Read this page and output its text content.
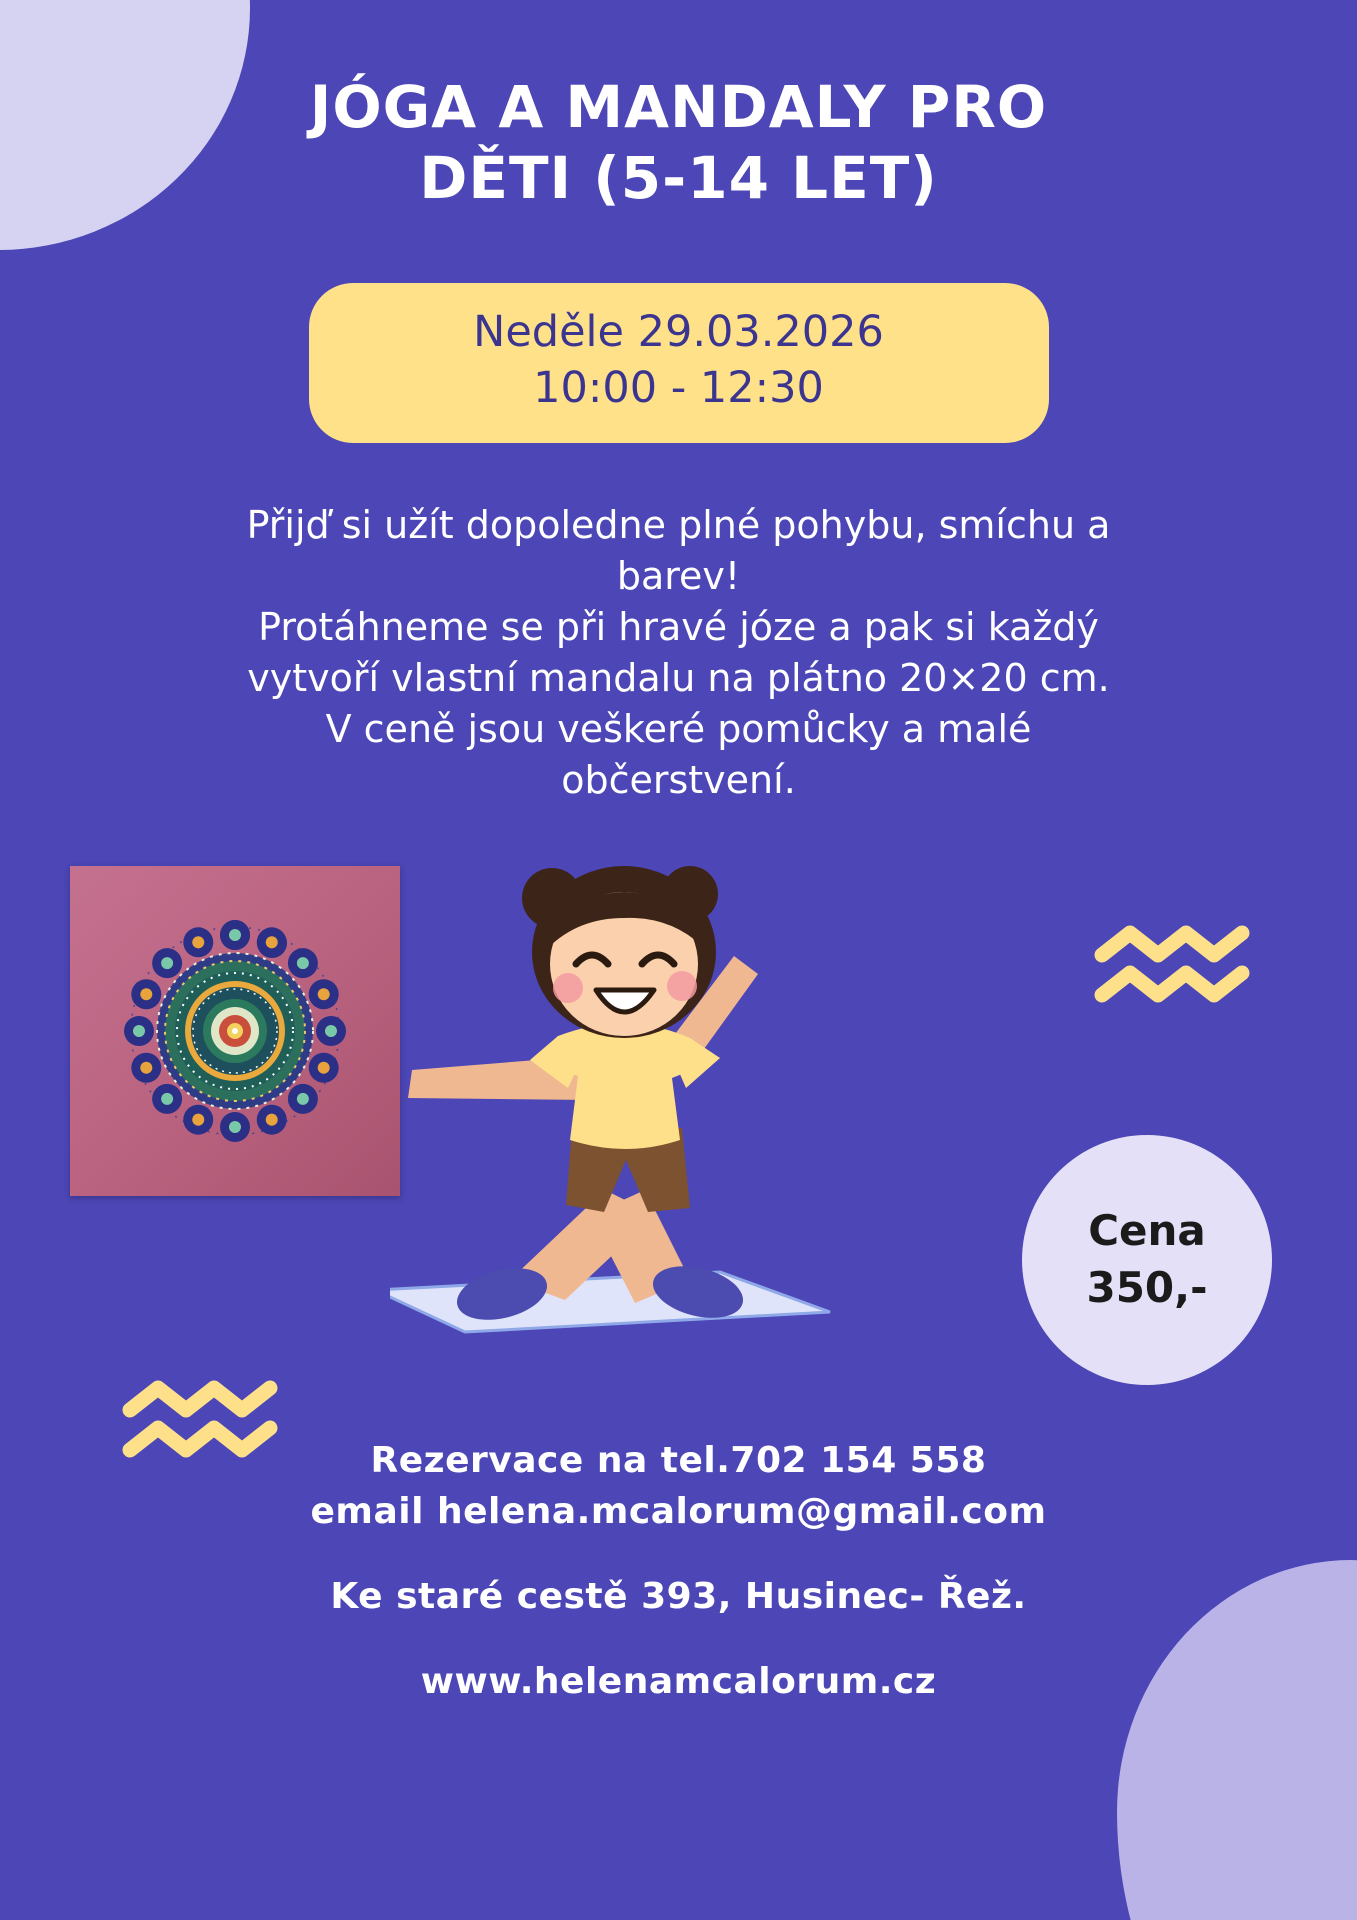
JÓGA A MANDALY PRO
DĚTI (5-14 LET)
Neděle 29.03.2026
10:00 - 12:30
Přijď si užít dopoledne plné pohybu, smíchu a
barev!
Protáhneme se při hravé józe a pak si každý
vytvoří vlastní mandalu na plátno 20×20 cm.
V ceně jsou veškeré pomůcky a malé
občerstvení.
Cena
350,-
Rezervace na tel.702 154 558
email helena.mcalorum@gmail.com
Ke staré cestě 393, Husinec- Řež.
www.helenamcalorum.cz
